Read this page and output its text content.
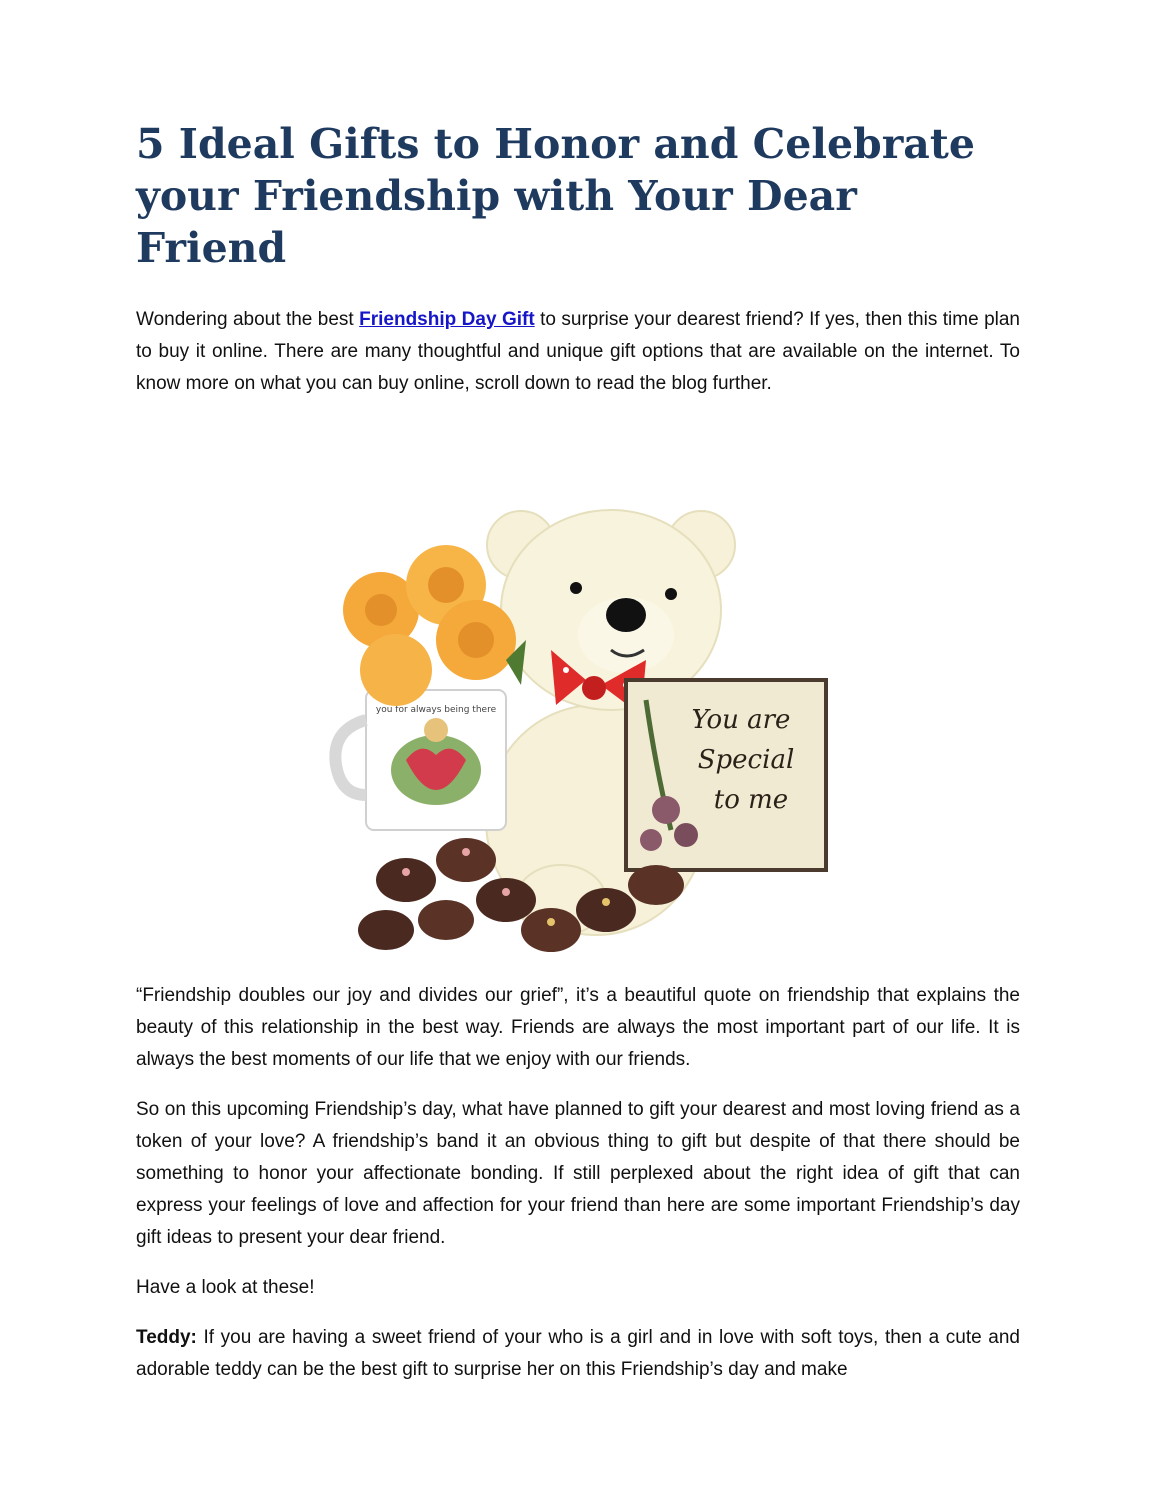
5 Ideal Gifts to Honor and Celebrate your Friendship with Your Dear Friend

Wondering about the best Friendship Day Gift to surprise your dearest friend? If yes, then this time plan to buy it online. There are many thoughtful and unique gift options that are available on the internet. To know more on what you can buy online, scroll down to read the blog further.

you for always being there	You are
Special
to me

“Friendship doubles our joy and divides our grief”, it’s a beautiful quote on friendship that explains the beauty of this relationship in the best way. Friends are always the most important part of our life. It is always the best moments of our life that we enjoy with our friends.

So on this upcoming Friendship’s day, what have planned to gift your dearest and most loving friend as a token of your love? A friendship’s band it an obvious thing to gift but despite of that there should be something to honor your affectionate bonding. If still perplexed about the right idea of gift that can express your feelings of love and affection for your friend than here are some important Friendship’s day gift ideas to present your dear friend.

Have a look at these!

Teddy: If you are having a sweet friend of your who is a girl and in love with soft toys, then a cute and adorable teddy can be the best gift to surprise her on this Friendship’s day and make
